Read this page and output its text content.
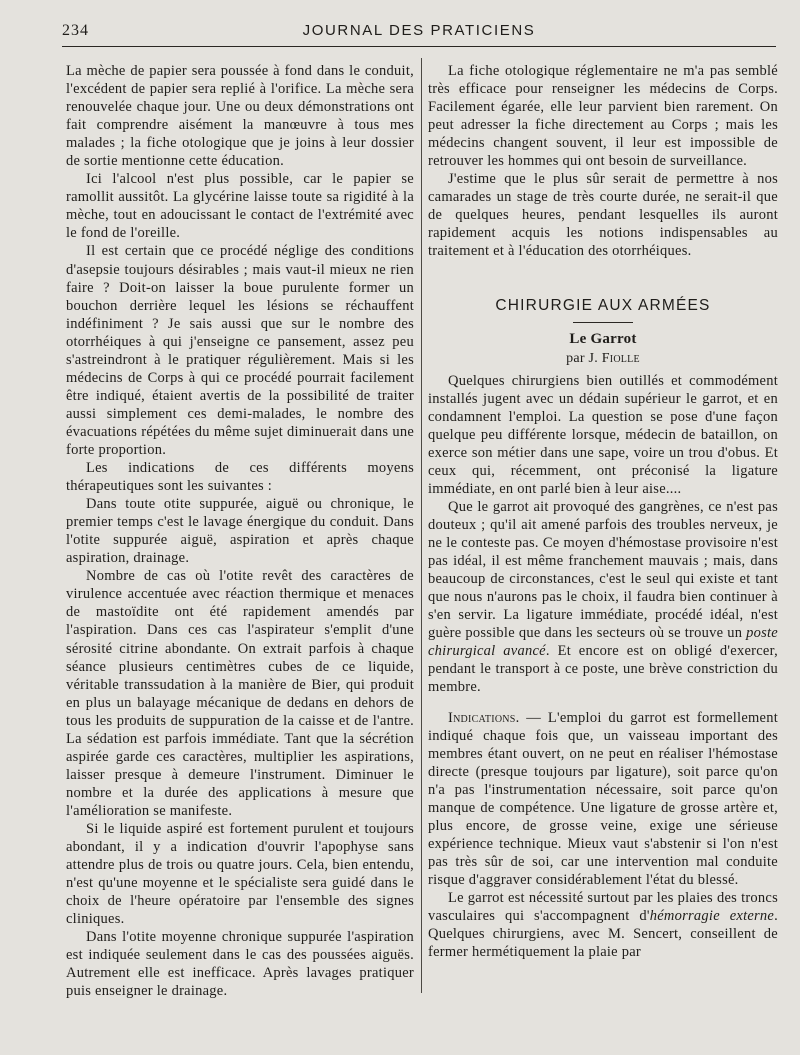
234	JOURNAL DES PRATICIENS

La mèche de papier sera poussée à fond dans le conduit, l'excédent de papier sera replié à l'orifice. La mèche sera renouvelée chaque jour. Une ou deux démonstrations ont fait comprendre aisément la manœuvre à tous mes malades ; la fiche otologique que je joins à leur dossier de sortie mentionne cette éducation.

Ici l'alcool n'est plus possible, car le papier se ramollit aussitôt. La glycérine laisse toute sa rigidité à la mèche, tout en adoucissant le contact de l'extrémité avec le fond de l'oreille.

Il est certain que ce procédé néglige des conditions d'asepsie toujours désirables ; mais vaut-il mieux ne rien faire ? Doit-on laisser la boue purulente former un bouchon derrière lequel les lésions se réchauffent indéfiniment ? Je sais aussi que sur le nombre des otorrhéiques à qui j'enseigne ce pansement, assez peu s'astreindront à le pratiquer régulièrement. Mais si les médecins de Corps à qui ce procédé pourrait facilement être indiqué, étaient avertis de la possibilité de traiter aussi simplement ces demi-malades, le nombre des évacuations répétées du même sujet diminuerait dans une forte proportion.

Les indications de ces différents moyens thérapeutiques sont les suivantes :

Dans toute otite suppurée, aiguë ou chronique, le premier temps c'est le lavage énergique du conduit. Dans l'otite suppurée aiguë, aspiration et après chaque aspiration, drainage.

Nombre de cas où l'otite revêt des caractères de virulence accentuée avec réaction thermique et menaces de mastoïdite ont été rapidement amendés par l'aspiration. Dans ces cas l'aspirateur s'emplit d'une sérosité citrine abondante. On extrait parfois à chaque séance plusieurs centimètres cubes de ce liquide, véritable transsudation à la manière de Bier, qui produit en plus un balayage mécanique de dedans en dehors de tous les produits de suppuration de la caisse et de l'antre. La sédation est parfois immédiate. Tant que la sécrétion aspirée garde ces caractères, multiplier les aspirations, laisser presque à demeure l'instrument. Diminuer le nombre et la durée des applications à mesure que l'amélioration se manifeste.

Si le liquide aspiré est fortement purulent et toujours abondant, il y a indication d'ouvrir l'apophyse sans attendre plus de trois ou quatre jours. Cela, bien entendu, n'est qu'une moyenne et le spécialiste sera guidé dans le choix de l'heure opératoire par l'ensemble des signes cliniques.

Dans l'otite moyenne chronique suppurée l'aspiration est indiquée seulement dans le cas des poussées aiguës. Autrement elle est inefficace. Après lavages pratiquer puis enseigner le drainage.

La fiche otologique réglementaire ne m'a pas semblé très efficace pour renseigner les médecins de Corps. Facilement égarée, elle leur parvient bien rarement. On peut adresser la fiche directement au Corps ; mais les médecins changent souvent, il leur est impossible de retrouver les hommes qui ont besoin de surveillance.

J'estime que le plus sûr serait de permettre à nos camarades un stage de très courte durée, ne serait-il que de quelques heures, pendant lesquelles ils auront rapidement acquis les notions indispensables au traitement et à l'éducation des otorrhéiques.

CHIRURGIE AUX ARMÉES
Le Garrot
par J. Fiolle

Quelques chirurgiens bien outillés et commodément installés jugent avec un dédain supérieur le garrot, et en condamnent l'emploi. La question se pose d'une façon quelque peu différente lorsque, médecin de bataillon, on exerce son métier dans une sape, voire un trou d'obus. Et ceux qui, récemment, ont préconisé la ligature immédiate, en ont parlé bien à leur aise....

Que le garrot ait provoqué des gangrènes, ce n'est pas douteux ; qu'il ait amené parfois des troubles nerveux, je ne le conteste pas. Ce moyen d'hémostase provisoire n'est pas idéal, il est même franchement mauvais ; mais, dans beaucoup de circonstances, c'est le seul qui existe et tant que nous n'aurons pas le choix, il faudra bien continuer à s'en servir. La ligature immédiate, procédé idéal, n'est guère possible que dans les secteurs où se trouve un poste chirurgical avancé. Et encore est on obligé d'exercer, pendant le transport à ce poste, une brève constriction du membre.

Indications. — L'emploi du garrot est formellement indiqué chaque fois que, un vaisseau important des membres étant ouvert, on ne peut en réaliser l'hémostase directe (presque toujours par ligature), soit parce qu'on n'a pas l'instrumentation nécessaire, soit parce qu'on manque de compétence. Une ligature de grosse artère et, plus encore, de grosse veine, exige une sérieuse expérience technique. Mieux vaut s'abstenir si l'on n'est pas très sûr de soi, car une intervention mal conduite risque d'aggraver considérablement l'état du blessé.

Le garrot est nécessité surtout par les plaies des troncs vasculaires qui s'accompagnent d'hémorragie externe. Quelques chirurgiens, avec M. Sencert, conseillent de fermer hermétiquement la plaie par
